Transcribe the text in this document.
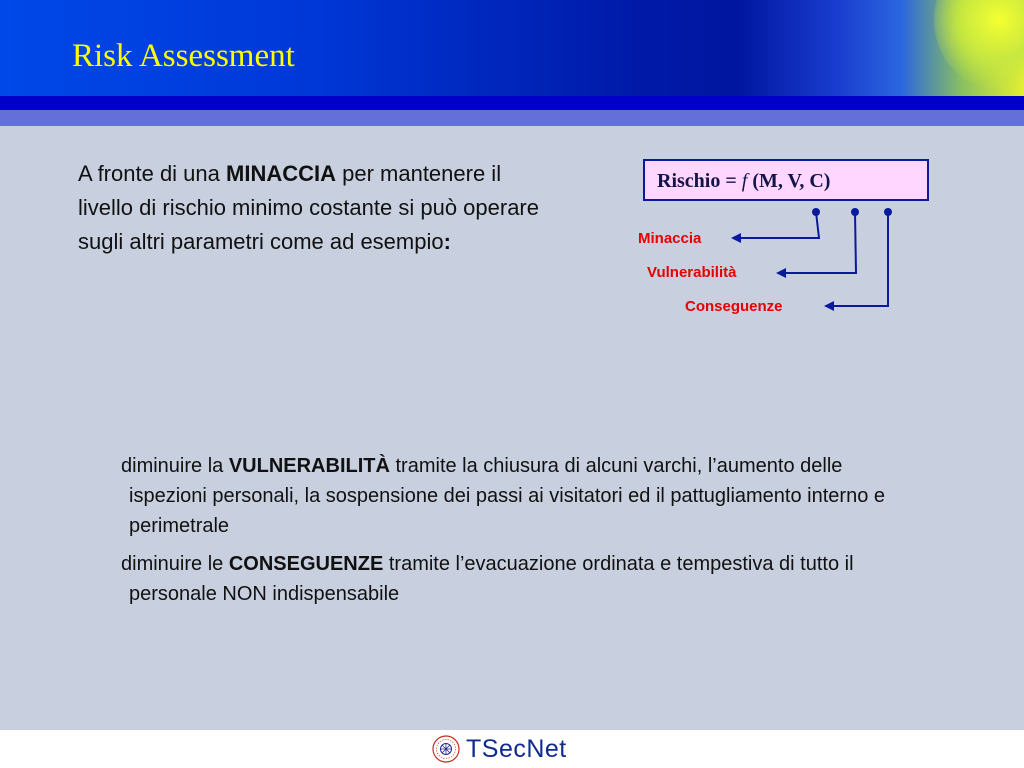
Risk Assessment
A fronte di una MINACCIA per mantenere il livello di rischio minimo costante si può operare sugli altri parametri come ad esempio:
Rischio = f (M, V, C)
Minaccia
Vulnerabilità
Conseguenze

diminuire la VULNERABILITÀ tramite la chiusura di alcuni varchi, l’aumento delle ispezioni personali, la sospensione dei passi ai visitatori ed il pattugliamento interno e perimetrale

diminuire le CONSEGUENZE tramite l’evacuazione ordinata e tempestiva di tutto il personale NON indispensabile

TSecNet
